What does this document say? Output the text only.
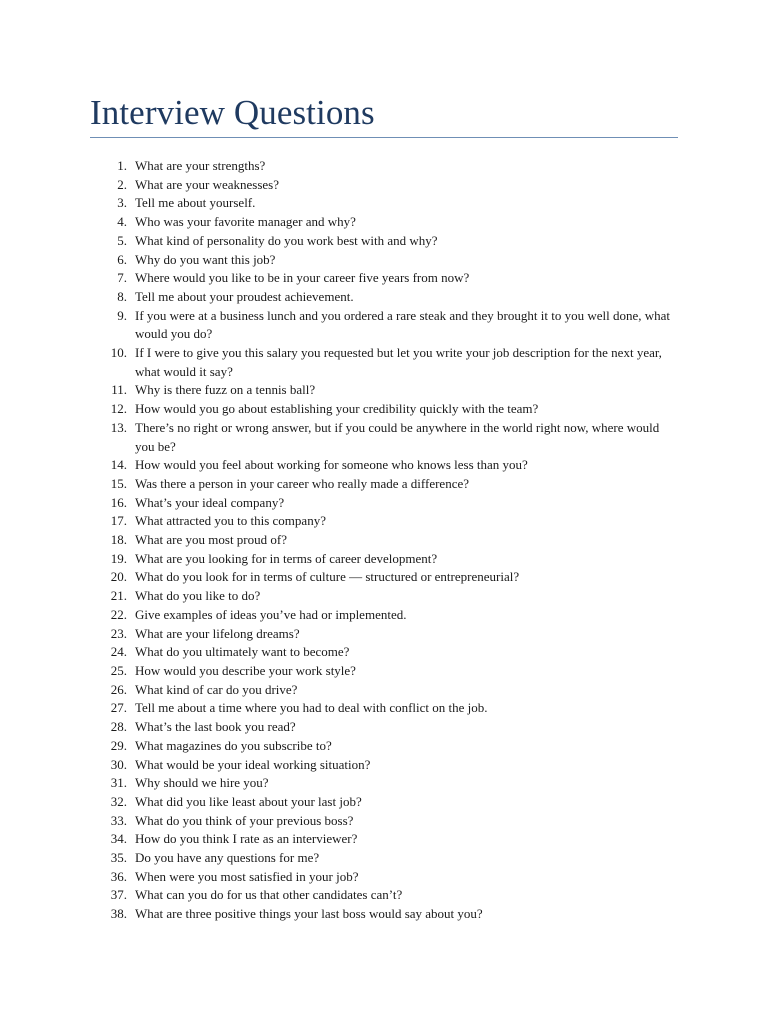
Interview Questions
1. What are your strengths?
2. What are your weaknesses?
3. Tell me about yourself.
4. Who was your favorite manager and why?
5. What kind of personality do you work best with and why?
6. Why do you want this job?
7. Where would you like to be in your career five years from now?
8. Tell me about your proudest achievement.
9. If you were at a business lunch and you ordered a rare steak and they brought it to you well done, what would you do?
10. If I were to give you this salary you requested but let you write your job description for the next year, what would it say?
11. Why is there fuzz on a tennis ball?
12. How would you go about establishing your credibility quickly with the team?
13. There’s no right or wrong answer, but if you could be anywhere in the world right now, where would you be?
14. How would you feel about working for someone who knows less than you?
15. Was there a person in your career who really made a difference?
16. What’s your ideal company?
17. What attracted you to this company?
18. What are you most proud of?
19. What are you looking for in terms of career development?
20. What do you look for in terms of culture — structured or entrepreneurial?
21. What do you like to do?
22. Give examples of ideas you’ve had or implemented.
23. What are your lifelong dreams?
24. What do you ultimately want to become?
25. How would you describe your work style?
26. What kind of car do you drive?
27. Tell me about a time where you had to deal with conflict on the job.
28. What’s the last book you read?
29. What magazines do you subscribe to?
30. What would be your ideal working situation?
31. Why should we hire you?
32. What did you like least about your last job?
33. What do you think of your previous boss?
34. How do you think I rate as an interviewer?
35. Do you have any questions for me?
36. When were you most satisfied in your job?
37. What can you do for us that other candidates can’t?
38. What are three positive things your last boss would say about you?
